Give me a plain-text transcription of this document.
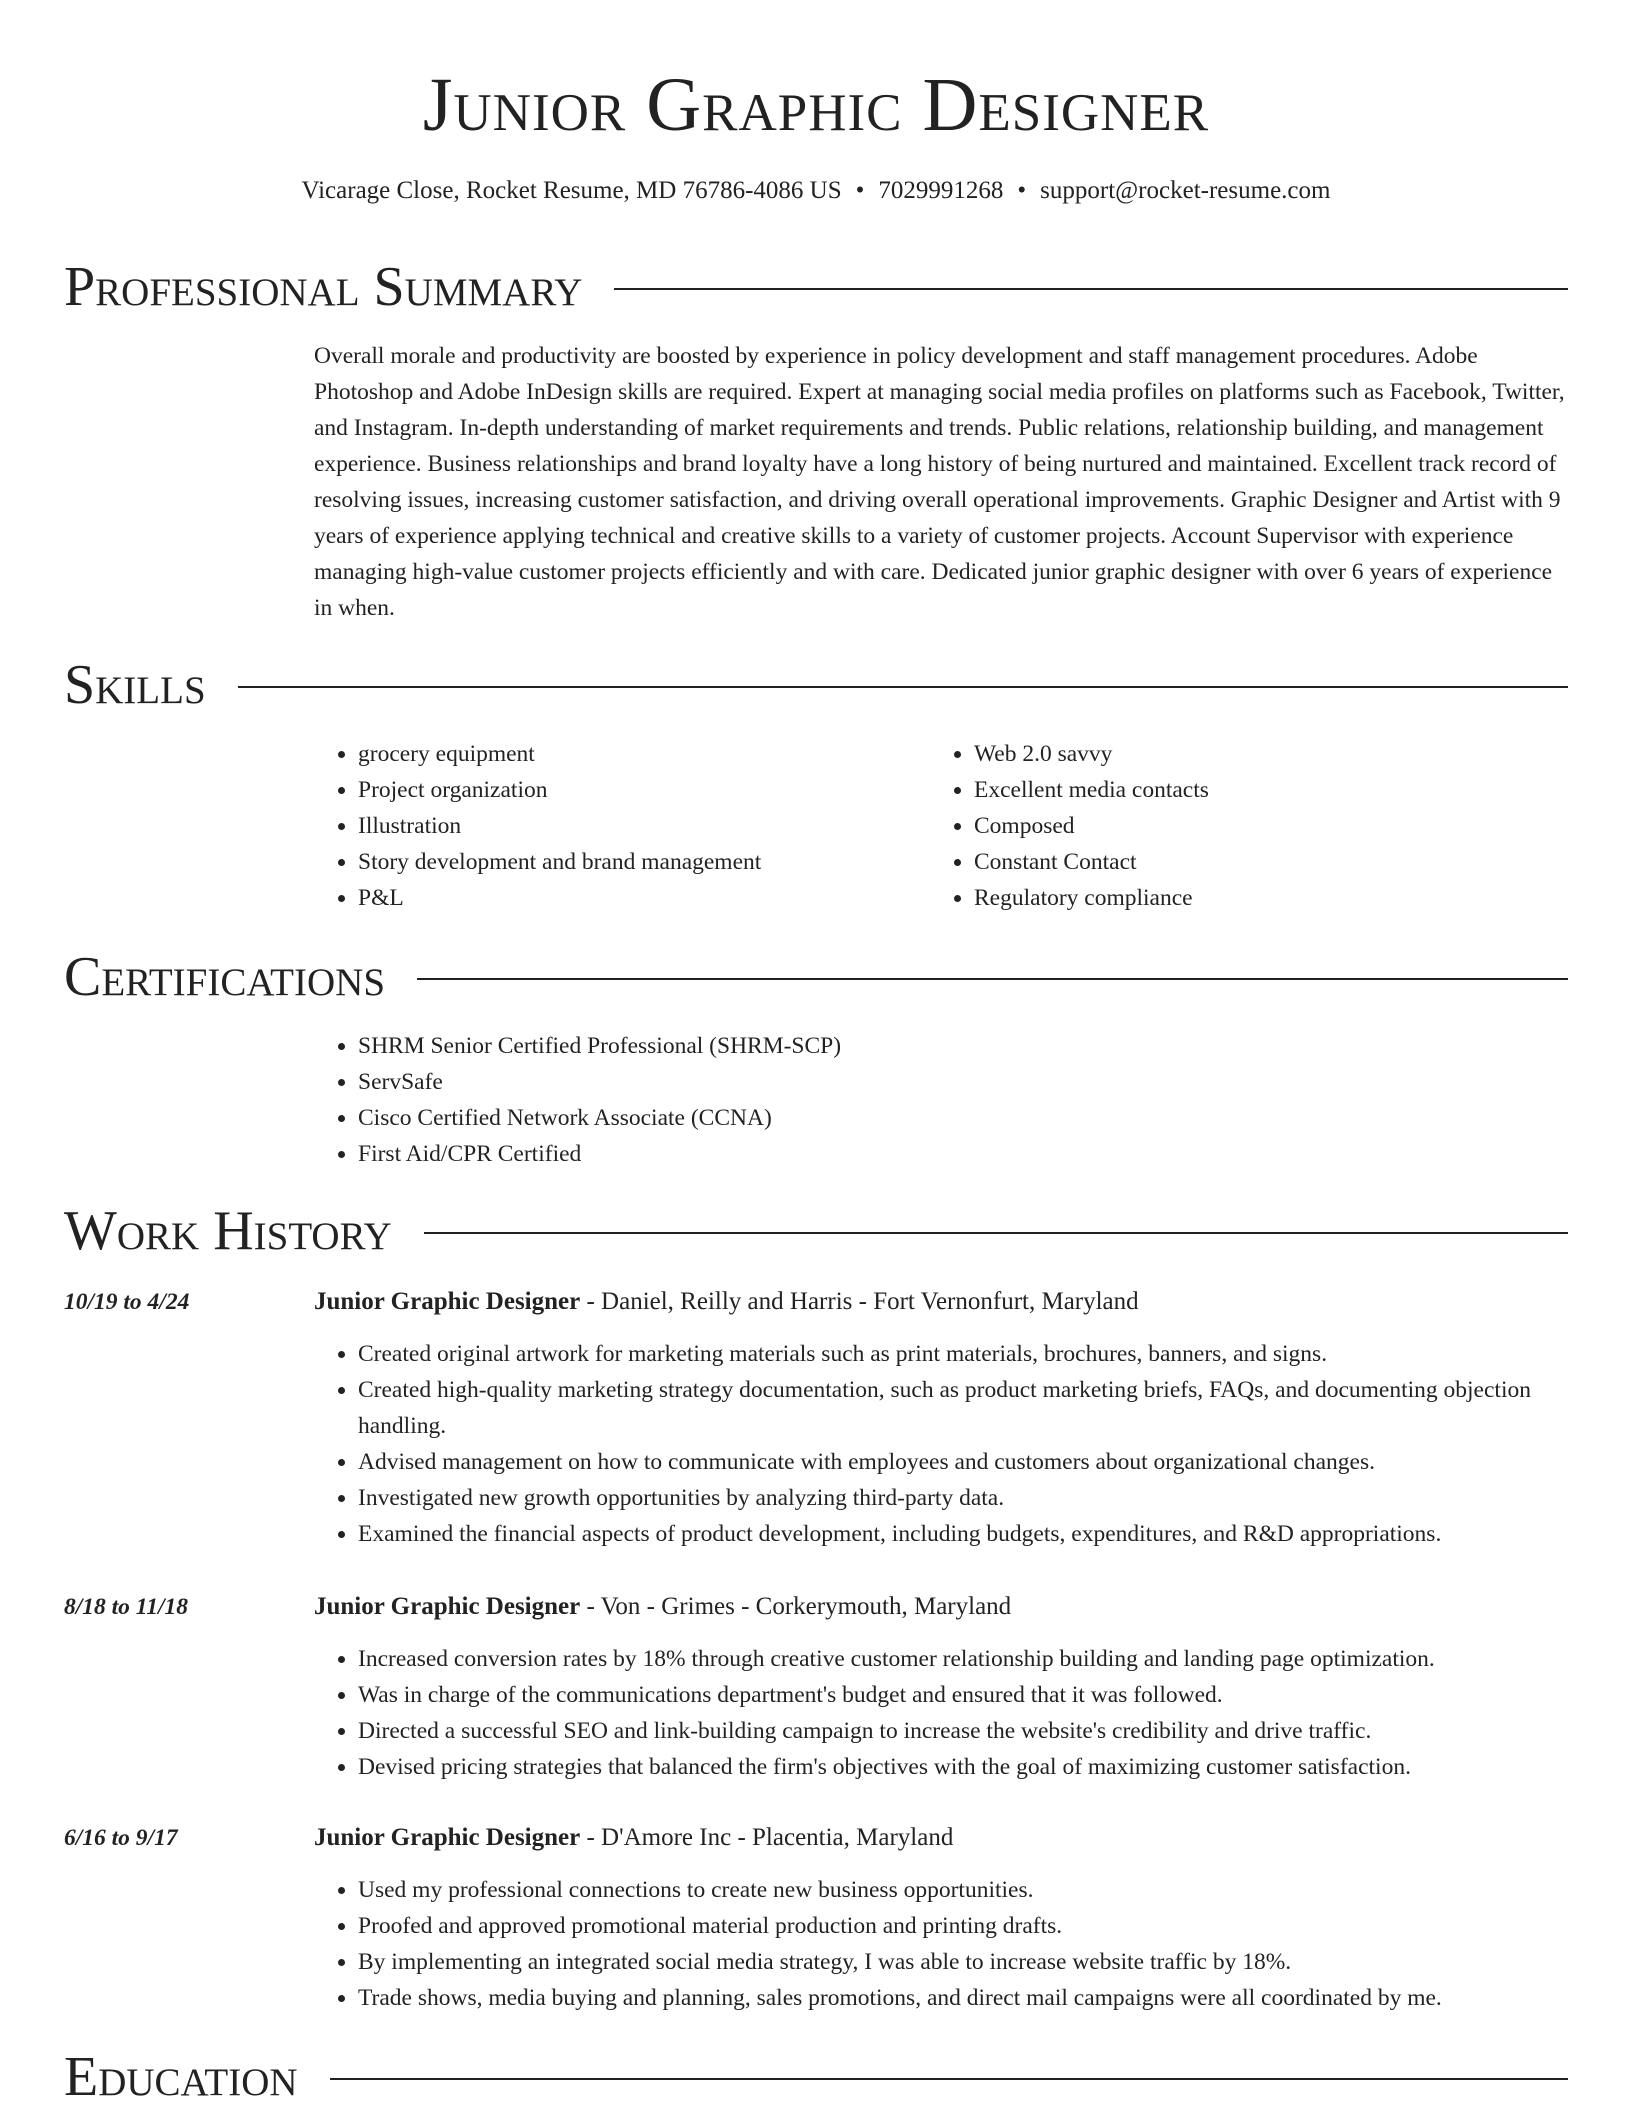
Junior Graphic Designer
Vicarage Close, Rocket Resume, MD 76786-4086 US • 7029991268 • support@rocket-resume.com
Professional Summary

Overall morale and productivity are boosted by experience in policy development and staff management procedures. Adobe Photoshop and Adobe InDesign skills are required. Expert at managing social media profiles on platforms such as Facebook, Twitter, and Instagram. In-depth understanding of market requirements and trends. Public relations, relationship building, and management experience. Business relationships and brand loyalty have a long history of being nurtured and maintained. Excellent track record of resolving issues, increasing customer satisfaction, and driving overall operational improvements. Graphic Designer and Artist with 9 years of experience applying technical and creative skills to a variety of customer projects. Account Supervisor with experience managing high-value customer projects efficiently and with care. Dedicated junior graphic designer with over 6 years of experience in when.

Skills
• grocery equipment
• Project organization
• Illustration
• Story development and brand management
• P&L
• Web 2.0 savvy
• Excellent media contacts
• Composed
• Constant Contact
• Regulatory compliance
Certifications
• SHRM Senior Certified Professional (SHRM-SCP)
• ServSafe
• Cisco Certified Network Associate (CCNA)
• First Aid/CPR Certified
Work History
10/19 to 4/24	Junior Graphic Designer - Daniel, Reilly and Harris - Fort Vernonfurt, Maryland
• Created original artwork for marketing materials such as print materials, brochures, banners, and signs.
• Created high-quality marketing strategy documentation, such as product marketing briefs, FAQs, and documenting objection handling.
• Advised management on how to communicate with employees and customers about organizational changes.
• Investigated new growth opportunities by analyzing third-party data.
• Examined the financial aspects of product development, including budgets, expenditures, and R&D appropriations.
8/18 to 11/18	Junior Graphic Designer - Von - Grimes - Corkerymouth, Maryland
• Increased conversion rates by 18% through creative customer relationship building and landing page optimization.
• Was in charge of the communications department's budget and ensured that it was followed.
• Directed a successful SEO and link-building campaign to increase the website's credibility and drive traffic.
• Devised pricing strategies that balanced the firm's objectives with the goal of maximizing customer satisfaction.
6/16 to 9/17	Junior Graphic Designer - D'Amore Inc - Placentia, Maryland
• Used my professional connections to create new business opportunities.
• Proofed and approved promotional material production and printing drafts.
• By implementing an integrated social media strategy, I was able to increase website traffic by 18%.
• Trade shows, media buying and planning, sales promotions, and direct mail campaigns were all coordinated by me.
Education
